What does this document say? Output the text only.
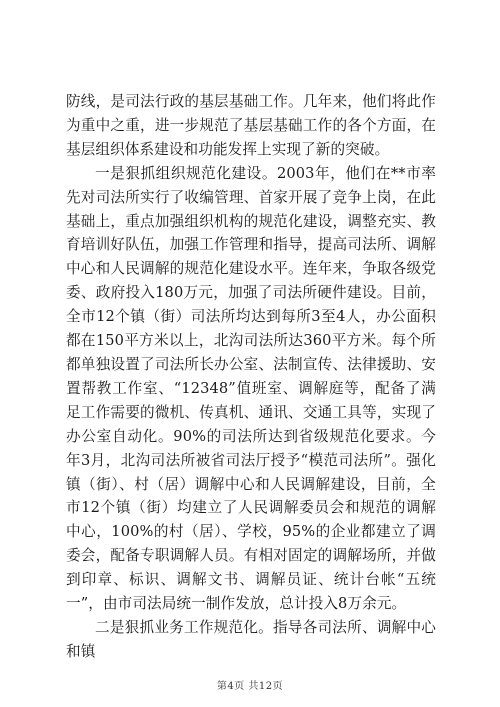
防线，是司法行政的基层基础工作。几年来，他们将此作为重中之重，进一步规范了基层基础工作的各个方面，在基层组织体系建设和功能发挥上实现了新的突破。

一是狠抓组织规范化建设。2003年，他们在**市率先对司法所实行了收编管理、首家开展了竞争上岗，在此基础上，重点加强组织机构的规范化建设，调整充实、教育培训好队伍，加强工作管理和指导，提高司法所、调解中心和人民调解的规范化建设水平。连年来，争取各级党委、政府投入180万元，加强了司法所硬件建设。目前，全市12个镇（街）司法所均达到每所3至4人，办公面积都在150平方米以上，北沟司法所达360平方米。每个所都单独设置了司法所长办公室、法制宣传、法律援助、安置帮教工作室、“12348”值班室、调解庭等，配备了满足工作需要的微机、传真机、通讯、交通工具等，实现了办公室自动化。90%的司法所达到省级规范化要求。今年3月，北沟司法所被省司法厅授予“模范司法所”。强化镇（街）、村（居）调解中心和人民调解建设，目前，全市12个镇（街）均建立了人民调解委员会和规范的调解中心，100%的村（居）、学校，95%的企业都建立了调委会，配备专职调解人员。有相对固定的调解场所，并做到印章、标识、调解文书、调解员证、统计台帐“五统一”，由市司法局统一制作发放，总计投入8万余元。

二是狠抓业务工作规范化。指导各司法所、调解中心和镇

第4页 共12页
